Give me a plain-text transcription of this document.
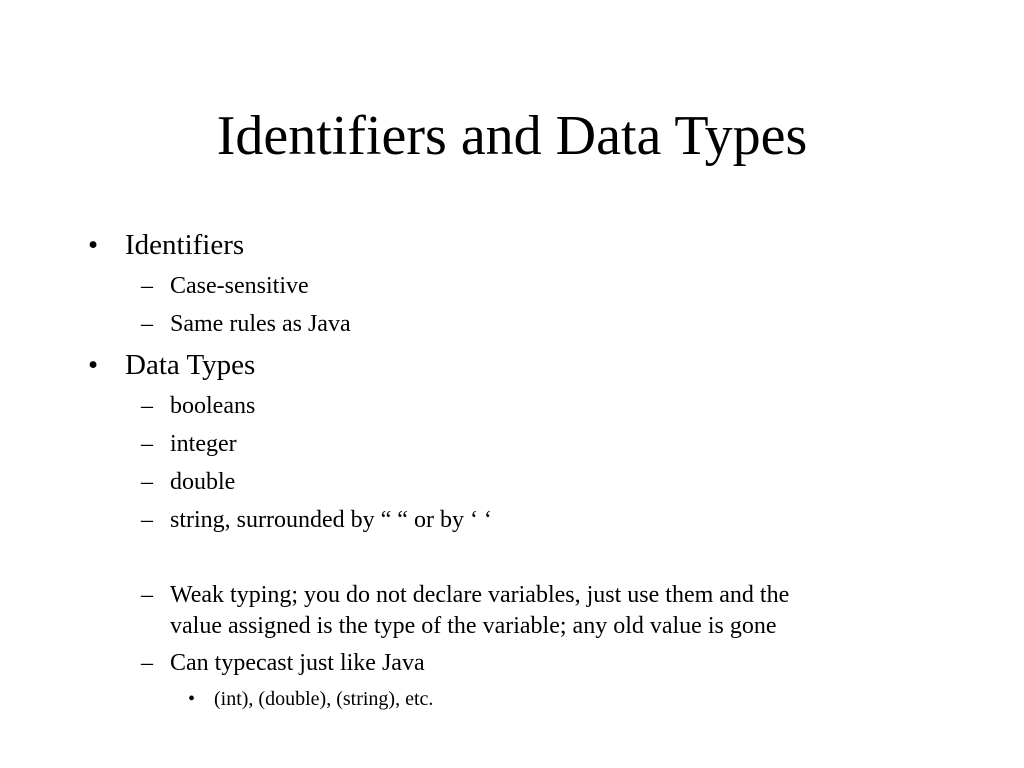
Identifiers and Data Types
• Identifiers
– Case-sensitive
– Same rules as Java
• Data Types
– booleans
– integer
– double
– string, surrounded by “ “ or by ‘ ‘
– Weak typing; you do not declare variables, just use them and the
value assigned is the type of the variable; any old value is gone
– Can typecast just like Java
• (int), (double), (string), etc.
